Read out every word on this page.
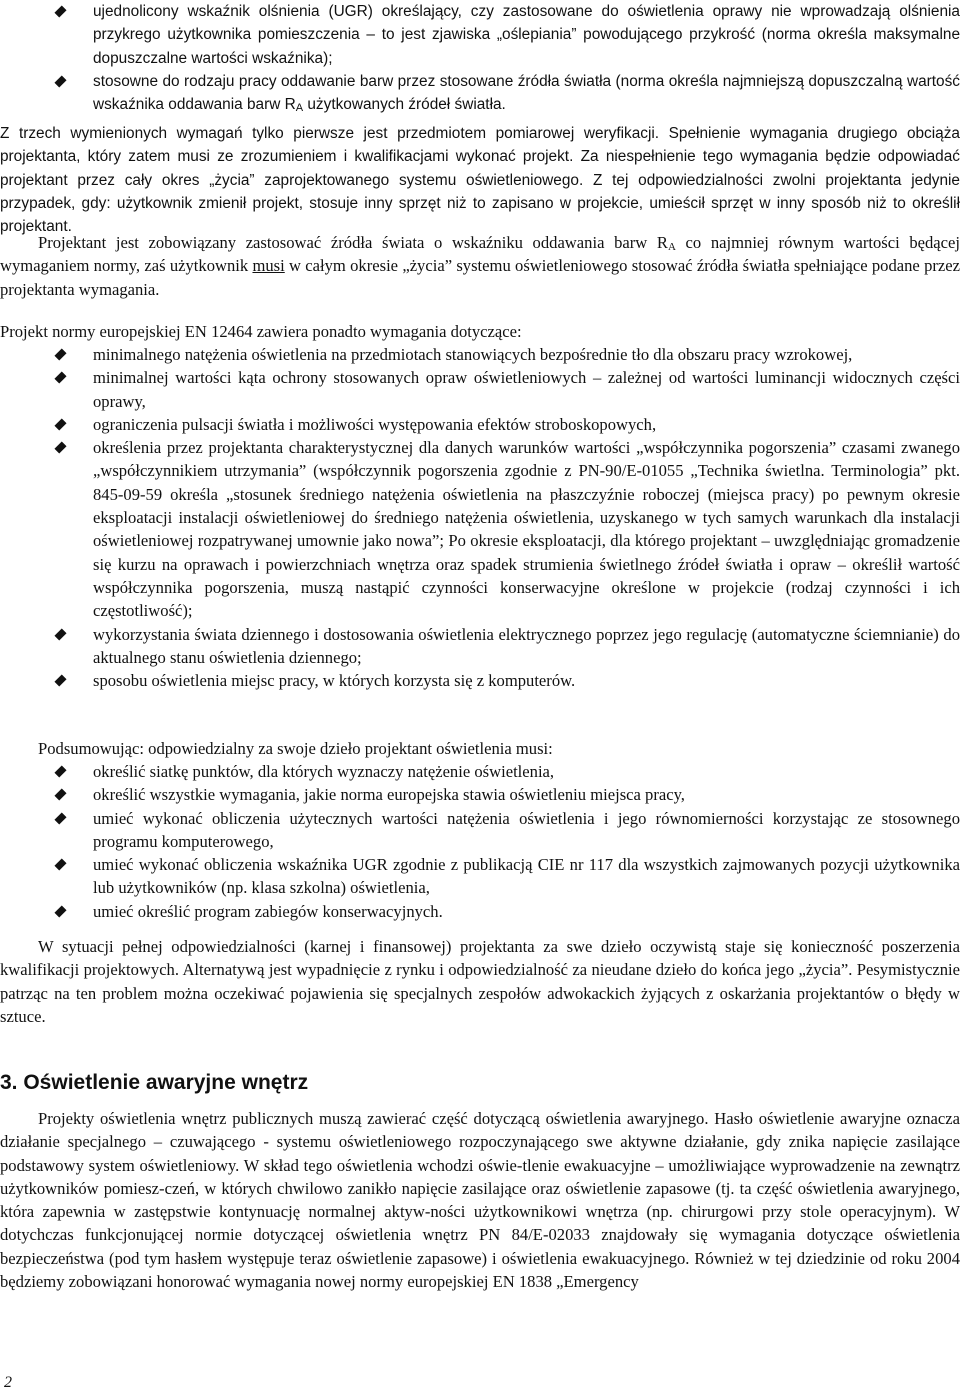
ujednolicony wskaźnik olśnienia (UGR) określający, czy zastosowane do oświetlenia oprawy nie wprowadzają olśnienia przykrego użytkownika pomieszczenia – to jest zjawiska „oślepiania” powodującego przykrość (norma określa maksymalne dopuszczalne wartości wskaźnika);
stosowne do rodzaju pracy oddawanie barw przez stosowane źródła światła (norma określa najmniejszą dopuszczalną wartość wskaźnika oddawania barw $R_A$ użytkowanych źródeł światła.

Z trzech wymienionych wymagań tylko pierwsze jest przedmiotem pomiarowej weryfikacji. Spełnienie wymagania drugiego obciąża projektanta, który zatem musi ze zrozumieniem i kwalifikacjami wykonać projekt. Za niespełnienie tego wymagania będzie odpowiadać projektant przez cały okres „życia” zaprojektowanego systemu oświetleniowego. Z tej odpowiedzialności zwolni projektanta jedynie przypadek, gdy: użytkownik zmienił projekt, stosuje inny sprzęt niż to zapisano w projekcie, umieścił sprzęt w inny sposób niż to określił projektant.

Projektant jest zobowiązany zastosować źródła świata o wskaźniku oddawania barw $R_A$ co najmniej równym wartości będącej wymaganiem normy, zaś użytkownik musi w całym okresie „życia” systemu oświetleniowego stosować źródła światła spełniające podane przez projektanta wymagania.

Projekt normy europejskiej EN 12464 zawiera ponadto wymagania dotyczące:

minimalnego natężenia oświetlenia na przedmiotach stanowiących bezpośrednie tło dla obszaru pracy wzrokowej,
minimalnej wartości kąta ochrony stosowanych opraw oświetleniowych – zależnej od wartości luminancji widocznych części oprawy,
ograniczenia pulsacji światła i możliwości występowania efektów stroboskopowych,
określenia przez projektanta charakterystycznej dla danych warunków wartości „współczynnika pogorszenia” czasami zwanego „współczynnikiem utrzymania” (współczynnik pogorszenia zgodnie z PN-90/E-01055 „Technika świetlna. Terminologia” pkt. 845-09-59 określa „stosunek średniego natężenia oświetlenia na płaszczyźnie roboczej (miejsca pracy) po pewnym okresie eksploatacji instalacji oświetleniowej do średniego natężenia oświetlenia, uzyskanego w tych samych warunkach dla instalacji oświetleniowej rozpatrywanej umownie jako nowa”; Po okresie eksploatacji, dla którego projektant – uwzględniając gromadzenie się kurzu na oprawach i powierzchniach wnętrza oraz spadek strumienia świetlnego źródeł światła i opraw – określił wartość współczynnika pogorszenia, muszą nastąpić czynności konserwacyjne określone w projekcie (rodzaj czynności i ich częstotliwość);
wykorzystania świata dziennego i dostosowania oświetlenia elektrycznego poprzez jego regulację (automatyczne ściemnianie) do aktualnego stanu oświetlenia dziennego;
sposobu oświetlenia miejsc pracy, w których korzysta się z komputerów.

Podsumowując: odpowiedzialny za swoje dzieło projektant oświetlenia musi:

określić siatkę punktów, dla których wyznaczy natężenie oświetlenia,
określić wszystkie wymagania, jakie norma europejska stawia oświetleniu miejsca pracy,
umieć wykonać obliczenia użytecznych wartości natężenia oświetlenia i jego równomierności korzystając ze stosownego programu komputerowego,
umieć wykonać obliczenia wskaźnika UGR zgodnie z publikacją CIE nr 117 dla wszystkich zajmowanych pozycji użytkownika lub użytkowników (np. klasa szkolna) oświetlenia,
umieć określić program zabiegów konserwacyjnych.

W sytuacji pełnej odpowiedzialności (karnej i finansowej) projektanta za swe dzieło oczywistą staje się konieczność poszerzenia kwalifikacji projektowych. Alternatywą jest wypadnięcie z rynku i odpowiedzialność za nieudane dzieło do końca jego „życia”. Pesymistycznie patrząc na ten problem można oczekiwać pojawienia się specjalnych zespołów adwokackich żyjących z oskarżania projektantów o błędy w sztuce.

3. Oświetlenie awaryjne wnętrz

Projekty oświetlenia wnętrz publicznych muszą zawierać część dotyczącą oświetlenia awaryjnego. Hasło oświetlenie awaryjne oznacza działanie specjalnego – czuwającego - systemu oświetleniowego rozpoczynającego swe aktywne działanie, gdy znika napięcie zasilające podstawowy system oświetleniowy. W skład tego oświetlenia wchodzi oświe-tlenie ewakuacyjne – umożliwiające wyprowadzenie na zewnątrz użytkowników pomiesz-czeń, w których chwilowo zanikło napięcie zasilające oraz oświetlenie zapasowe (tj. ta część oświetlenia awaryjnego, która zapewnia w zastępstwie kontynuację normalnej aktyw-ności użytkownikowi wnętrza (np. chirurgowi przy stole operacyjnym). W dotychczas funkcjonującej normie dotyczącej oświetlenia wnętrz PN 84/E-02033 znajdowały się wymagania dotyczące oświetlenia bezpieczeństwa (pod tym hasłem występuje teraz oświetlenie zapasowe) i oświetlenia ewakuacyjnego. Również w tej dziedzinie od roku 2004 będziemy zobowiązani honorować wymagania nowej normy europejskiej EN 1838 „Emergency

2
